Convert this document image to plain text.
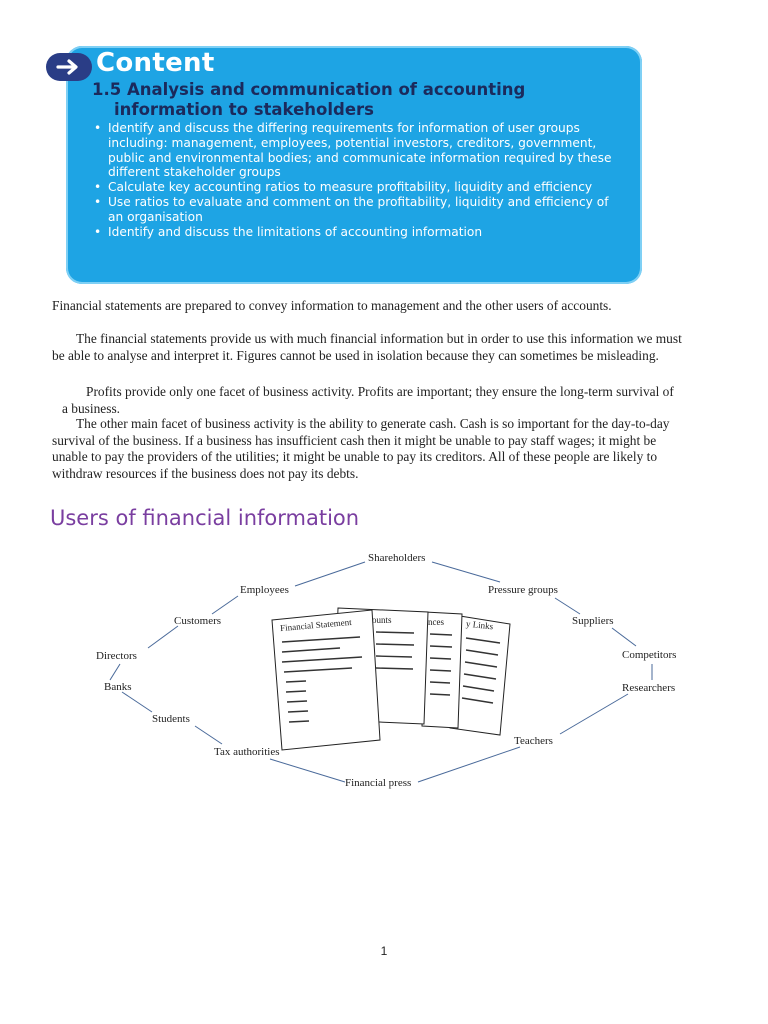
Content
1.5 Analysis and communication of accounting
information to stakeholders
• Identify and discuss the differing requirements for information of user groups including: management, employees, potential investors, creditors, government, public and environmental bodies; and communicate information required by these different stakeholder groups
• Calculate key accounting ratios to measure profitability, liquidity and efficiency
• Use ratios to evaluate and comment on the profitability, liquidity and efficiency of an organisation
• Identify and discuss the limitations of accounting information
Financial statements are prepared to convey information to management and the other users of accounts.
The financial statements provide us with much financial information but in order to use this information we must be able to analyse and interpret it. Figures cannot be used in isolation because they can sometimes be misleading.
Profits provide only one facet of business activity. Profits are important; they ensure the long-term survival of a business.
The other main facet of business activity is the ability to generate cash. Cash is so important for the day-to-day survival of the business. If a business has insufficient cash then it might be unable to pay staff wages; it might be unable to pay the providers of the utilities; it might be unable to pay its creditors. All of these people are likely to withdraw resources if the business does not pay its debts.
Users of financial information
Shareholders
Employees	Pressure groups
Customers	Suppliers
Directors	Competitors
Banks	Researchers
Students
Teachers
Tax authorities
Financial press
Financial Statement ounts	nces y Links
1
